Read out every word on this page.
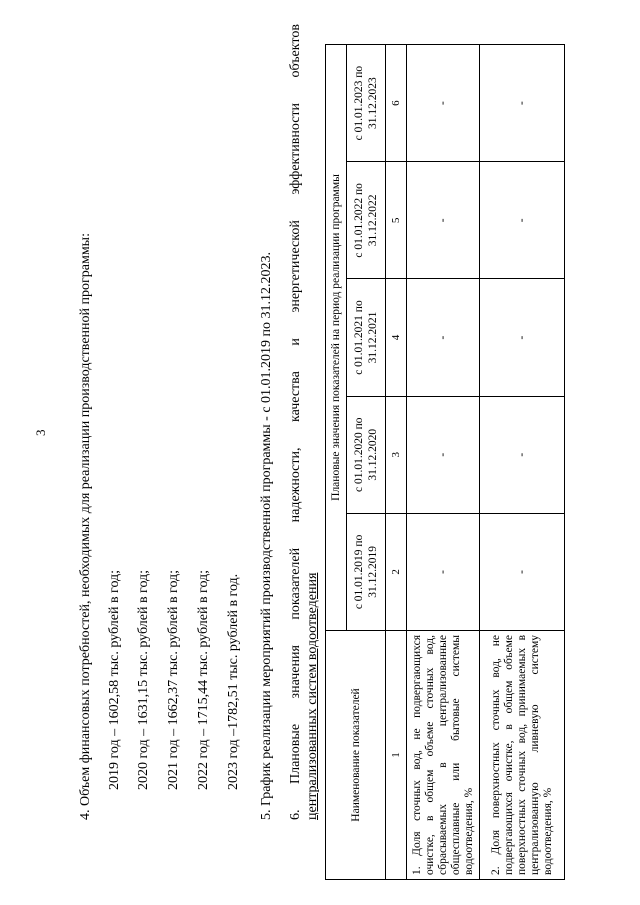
3 4. Объем финансовых потребностей, необходимых для реализации производственной программы: 2019 год – 1602,58 тыс. рублей в год; 2020 год – 1631,15 тыс. рублей в год; 2021 год – 1662,37 тыс. рублей в год; 2022 год – 1715,44 тыс. рублей в год; 2023 год –1782,51 тыс. рублей в год. 5. График реализации мероприятий производственной программы - с 01.01.2019 по 31.12.2023. 6.
Плановые
значения
показателей
надежности,
качества
и
энергетической
эффективности
объектов
централизованных систем водоотведения	Наименование показателей	Плановые значения показателей на период реализации программы				
	с 01.01.2019 по 31.12.2019	с 01.01.2020 по 31.12.2020	с 01.01.2021 по 31.12.2021	с 01.01.2022 по 31.12.2022	с 01.01.2023 по 31.12.2023
1	2	3	4	5	6
1. Доля сточных вод, не подвергающихся очистке, в общем объеме сточных вод, сбрасываемых в централизованные общесплавные или бытовые системы водоотведения, %	-	-	-	-	-
2. Доля поверхностных сточных вод, не подвергающихся очистке, в общем объеме поверхностных сточных вод, принимаемых в централизованную ливневую систему водоотведения, %	-	-	-	-	-
